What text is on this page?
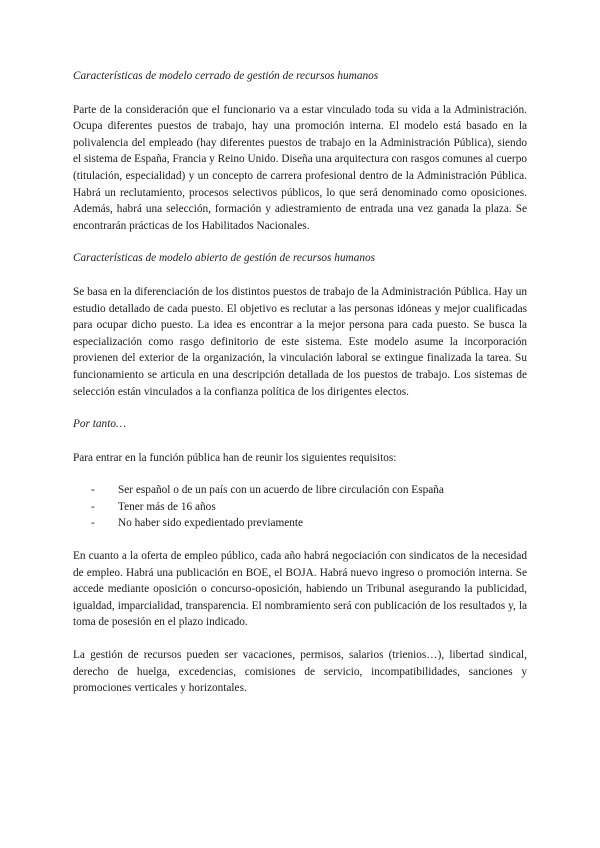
Características de modelo cerrado de gestión de recursos humanos

Parte de la consideración que el funcionario va a estar vinculado toda su vida a la Administración. Ocupa diferentes puestos de trabajo, hay una promoción interna. El modelo está basado en la polivalencia del empleado (hay diferentes puestos de trabajo en la Administración Pública), siendo el sistema de España, Francia y Reino Unido. Diseña una arquitectura con rasgos comunes al cuerpo (titulación, especialidad) y un concepto de carrera profesional dentro de la Administración Pública. Habrá un reclutamiento, procesos selectivos públicos, lo que será denominado como oposiciones. Además, habrá una selección, formación y adiestramiento de entrada una vez ganada la plaza. Se encontrarán prácticas de los Habilitados Nacionales.

Características de modelo abierto de gestión de recursos humanos

Se basa en la diferenciación de los distintos puestos de trabajo de la Administración Pública. Hay un estudio detallado de cada puesto. El objetivo es reclutar a las personas idóneas y mejor cualificadas para ocupar dicho puesto. La idea es encontrar a la mejor persona para cada puesto. Se busca la especialización como rasgo definitorio de este sistema. Este modelo asume la incorporación provienen del exterior de la organización, la vinculación laboral se extingue finalizada la tarea. Su funcionamiento se articula en una descripción detallada de los puestos de trabajo. Los sistemas de selección están vinculados a la confianza política de los dirigentes electos.

Por tanto…

Para entrar en la función pública han de reunir los siguientes requisitos:

- Ser español o de un país con un acuerdo de libre circulación con España
- Tener más de 16 años
- No haber sido expedientado previamente

En cuanto a la oferta de empleo público, cada año habrá negociación con sindicatos de la necesidad de empleo. Habrá una publicación en BOE, el BOJA. Habrá nuevo ingreso o promoción interna. Se accede mediante oposición o concurso-oposición, habiendo un Tribunal asegurando la publicidad, igualdad, imparcialidad, transparencia. El nombramiento será con publicación de los resultados y, la toma de posesión en el plazo indicado.

La gestión de recursos pueden ser vacaciones, permisos, salarios (trienios…), libertad sindical, derecho de huelga, excedencias, comisiones de servicio, incompatibilidades, sanciones y promociones verticales y horizontales.
